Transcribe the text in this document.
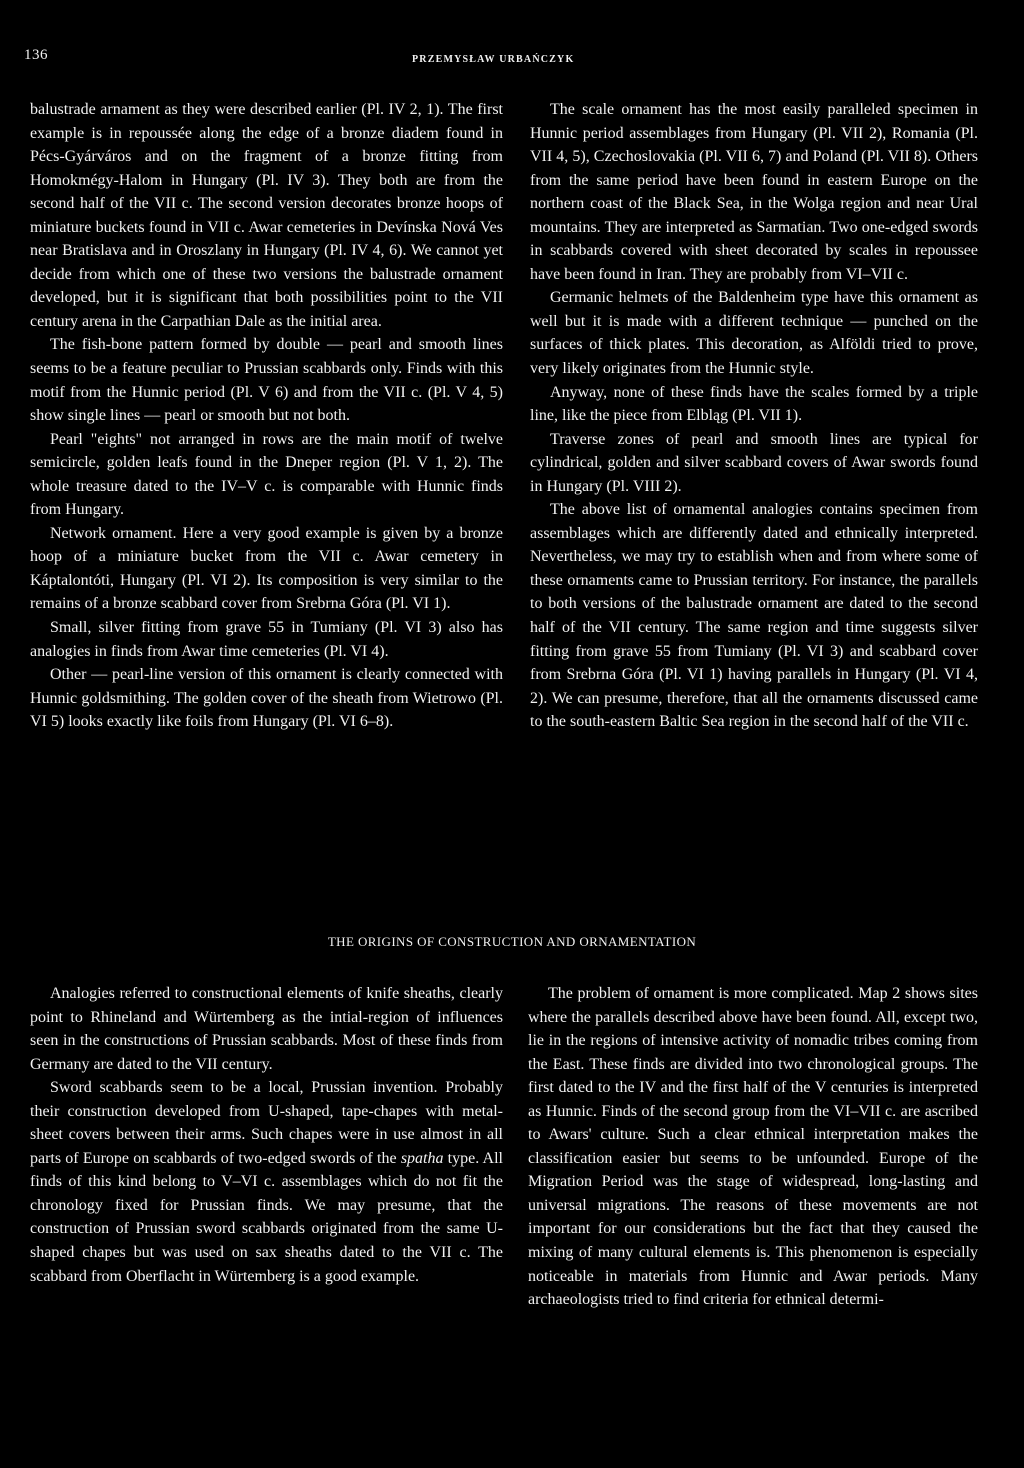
136	PRZEMYSŁAW URBAŃCZYK

balustrade arnament as they were described earlier (Pl. IV 2, 1). The first example is in repoussée along the edge of a bronze diadem found in Pécs-Gyárváros and on the fragment of a bronze fitting from Homokmégy-Halom in Hungary (Pl. IV 3). They both are from the second half of the VII c. The second version decorates bronze hoops of miniature buckets found in VII c. Awar cemeteries in Devínska Nová Ves near Bratislava and in Oroszlany in Hungary (Pl. IV 4, 6). We cannot yet decide from which one of these two versions the balustrade ornament developed, but it is significant that both possibilities point to the VII century arena in the Carpathian Dale as the initial area.

The fish-bone pattern formed by double — pearl and smooth lines seems to be a feature peculiar to Prussian scabbards only. Finds with this motif from the Hunnic period (Pl. V 6) and from the VII c. (Pl. V 4, 5) show single lines — pearl or smooth but not both.

Pearl "eights" not arranged in rows are the main motif of twelve semicircle, golden leafs found in the Dneper region (Pl. V 1, 2). The whole treasure dated to the IV–V c. is comparable with Hunnic finds from Hungary.

Network ornament. Here a very good example is given by a bronze hoop of a miniature bucket from the VII c. Awar cemetery in Káptalontóti, Hungary (Pl. VI 2). Its composition is very similar to the remains of a bronze scabbard cover from Srebrna Góra (Pl. VI 1).

Small, silver fitting from grave 55 in Tumiany (Pl. VI 3) also has analogies in finds from Awar time cemeteries (Pl. VI 4).

Other — pearl-line version of this ornament is clearly connected with Hunnic goldsmithing. The golden cover of the sheath from Wietrowo (Pl. VI 5) looks exactly like foils from Hungary (Pl. VI 6–8).

The scale ornament has the most easily paralleled specimen in Hunnic period assemblages from Hungary (Pl. VII 2), Romania (Pl. VII 4, 5), Czechoslovakia (Pl. VII 6, 7) and Poland (Pl. VII 8). Others from the same period have been found in eastern Europe on the northern coast of the Black Sea, in the Wolga region and near Ural mountains. They are interpreted as Sarmatian. Two one-edged swords in scabbards covered with sheet decorated by scales in repoussee have been found in Iran. They are probably from VI–VII c.

Germanic helmets of the Baldenheim type have this ornament as well but it is made with a different technique — punched on the surfaces of thick plates. This decoration, as Alföldi tried to prove, very likely originates from the Hunnic style.

Anyway, none of these finds have the scales formed by a triple line, like the piece from Elbląg (Pl. VII 1).

Traverse zones of pearl and smooth lines are typical for cylindrical, golden and silver scabbard covers of Awar swords found in Hungary (Pl. VIII 2).

The above list of ornamental analogies contains specimen from assemblages which are differently dated and ethnically interpreted. Nevertheless, we may try to establish when and from where some of these ornaments came to Prussian territory. For instance, the parallels to both versions of the balustrade ornament are dated to the second half of the VII century. The same region and time suggests silver fitting from grave 55 from Tumiany (Pl. VI 3) and scabbard cover from Srebrna Góra (Pl. VI 1) having parallels in Hungary (Pl. VI 4, 2). We can presume, therefore, that all the ornaments discussed came to the south-eastern Baltic Sea region in the second half of the VII c.

THE ORIGINS OF CONSTRUCTION AND ORNAMENTATION

Analogies referred to constructional elements of knife sheaths, clearly point to Rhineland and Würtemberg as the intial-region of influences seen in the constructions of Prussian scabbards. Most of these finds from Germany are dated to the VII century.

Sword scabbards seem to be a local, Prussian invention. Probably their construction developed from U-shaped, tape-chapes with metal-sheet covers between their arms. Such chapes were in use almost in all parts of Europe on scabbards of two-edged swords of the spatha type. All finds of this kind belong to V–VI c. assemblages which do not fit the chronology fixed for Prussian finds. We may presume, that the construction of Prussian sword scabbards originated from the same U-shaped chapes but was used on sax sheaths dated to the VII c. The scabbard from Oberflacht in Würtemberg is a good example.

The problem of ornament is more complicated. Map 2 shows sites where the parallels described above have been found. All, except two, lie in the regions of intensive activity of nomadic tribes coming from the East. These finds are divided into two chronological groups. The first dated to the IV and the first half of the V centuries is interpreted as Hunnic. Finds of the second group from the VI–VII c. are ascribed to Awars' culture. Such a clear ethnical interpretation makes the classification easier but seems to be unfounded. Europe of the Migration Period was the stage of widespread, long-lasting and universal migrations. The reasons of these movements are not important for our considerations but the fact that they caused the mixing of many cultural elements is. This phenomenon is especially noticeable in materials from Hunnic and Awar periods. Many archaeologists tried to find criteria for ethnical determi-
